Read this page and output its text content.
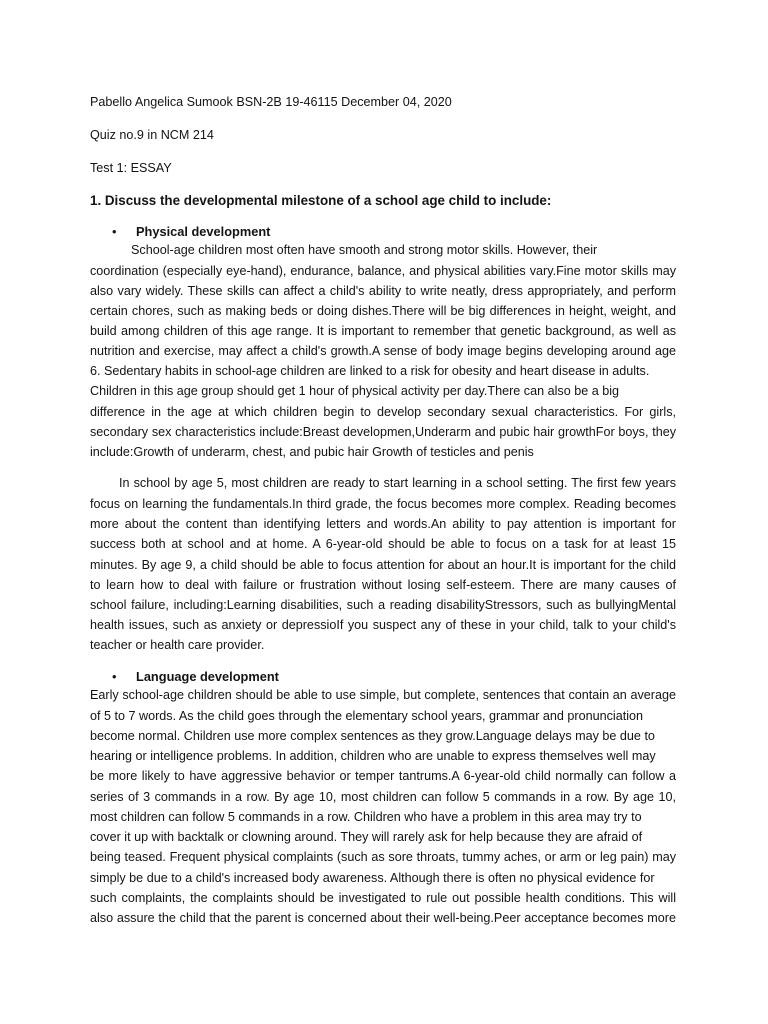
Pabello Angelica Sumook BSN-2B 19-46115 December 04, 2020
Quiz no.9 in NCM 214
Test 1: ESSAY
1. Discuss the developmental milestone of a school age child to include:
• Physical development
School-age children most often have smooth and strong motor skills. However, their
coordination (especially eye-hand), endurance, balance, and physical abilities vary.Fine motor skills may
also vary widely. These skills can affect a child's ability to write neatly, dress appropriately, and perform
certain chores, such as making beds or doing dishes.There will be big differences in height, weight, and
build among children of this age range. It is important to remember that genetic background, as well as
nutrition and exercise, may affect a child's growth.A sense of body image begins developing around age
6. Sedentary habits in school-age children are linked to a risk for obesity and heart disease in adults.
Children in this age group should get 1 hour of physical activity per day.There can also be a big
difference in the age at which children begin to develop secondary sexual characteristics. For girls,
secondary sex characteristics include:Breast developmen,Underarm and pubic hair growthFor boys, they
include:Growth of underarm, chest, and pubic hair Growth of testicles and penis
In school by age 5, most children are ready to start learning in a school setting. The first few years
focus on learning the fundamentals.In third grade, the focus becomes more complex. Reading becomes
more about the content than identifying letters and words.An ability to pay attention is important for
success both at school and at home. A 6-year-old should be able to focus on a task for at least 15
minutes. By age 9, a child should be able to focus attention for about an hour.It is important for the child
to learn how to deal with failure or frustration without losing self-esteem. There are many causes of
school failure, including:Learning disabilities, such a reading disabilityStressors, such as bullyingMental
health issues, such as anxiety or depressioIf you suspect any of these in your child, talk to your child's
teacher or health care provider.
• Language development
Early school-age children should be able to use simple, but complete, sentences that contain an average
of 5 to 7 words. As the child goes through the elementary school years, grammar and pronunciation
become normal. Children use more complex sentences as they grow.Language delays may be due to
hearing or intelligence problems. In addition, children who are unable to express themselves well may
be more likely to have aggressive behavior or temper tantrums.A 6-year-old child normally can follow a
series of 3 commands in a row. By age 10, most children can follow 5 commands in a row. By age 10,
most children can follow 5 commands in a row. Children who have a problem in this area may try to
cover it up with backtalk or clowning around. They will rarely ask for help because they are afraid of
being teased. Frequent physical complaints (such as sore throats, tummy aches, or arm or leg pain) may
simply be due to a child's increased body awareness. Although there is often no physical evidence for
such complaints, the complaints should be investigated to rule out possible health conditions. This will
also assure the child that the parent is concerned about their well-being.Peer acceptance becomes more
